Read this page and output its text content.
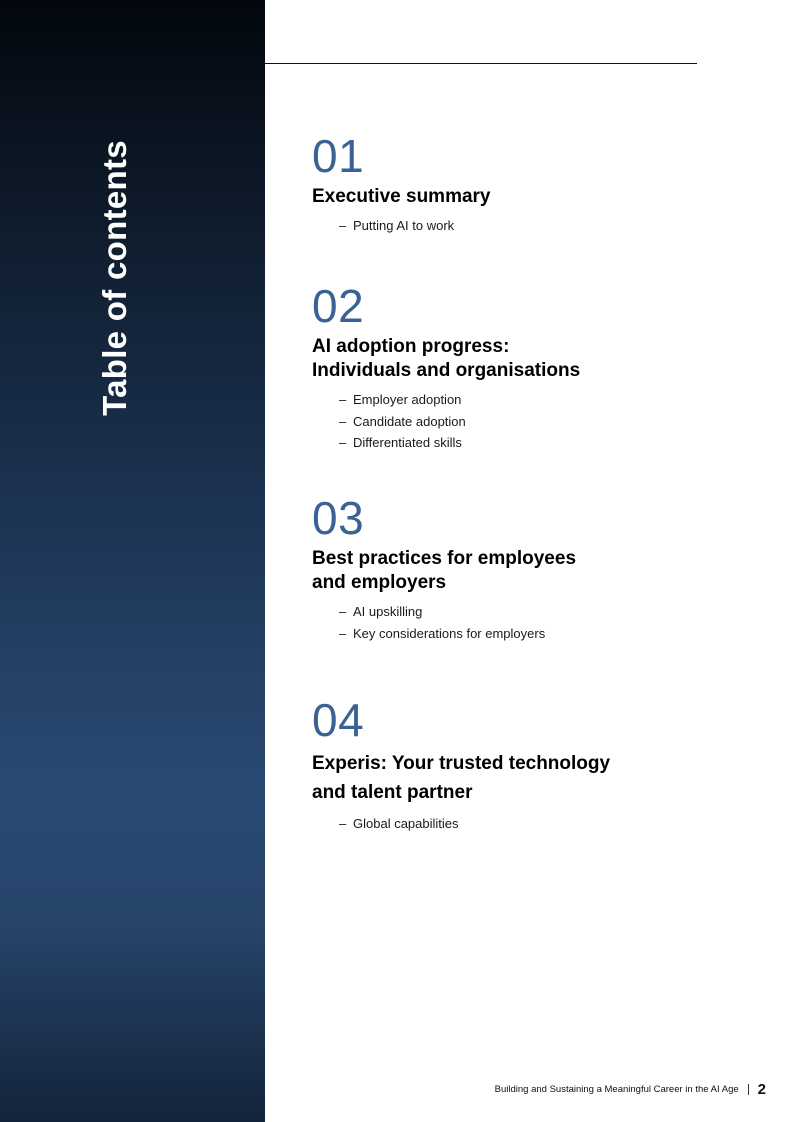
Table of contents	01
Executive summary
– Putting AI to work
02
AI adoption progress:
Individuals and organisations
– Employer adoption
– Candidate adoption
– Differentiated skills
03
Best practices for employees
and employers
– AI upskilling
– Key considerations for employers
04
Experis: Your trusted technology
and talent partner
– Global capabilities
Building and Sustaining a Meaningful Career in the AI Age 2
